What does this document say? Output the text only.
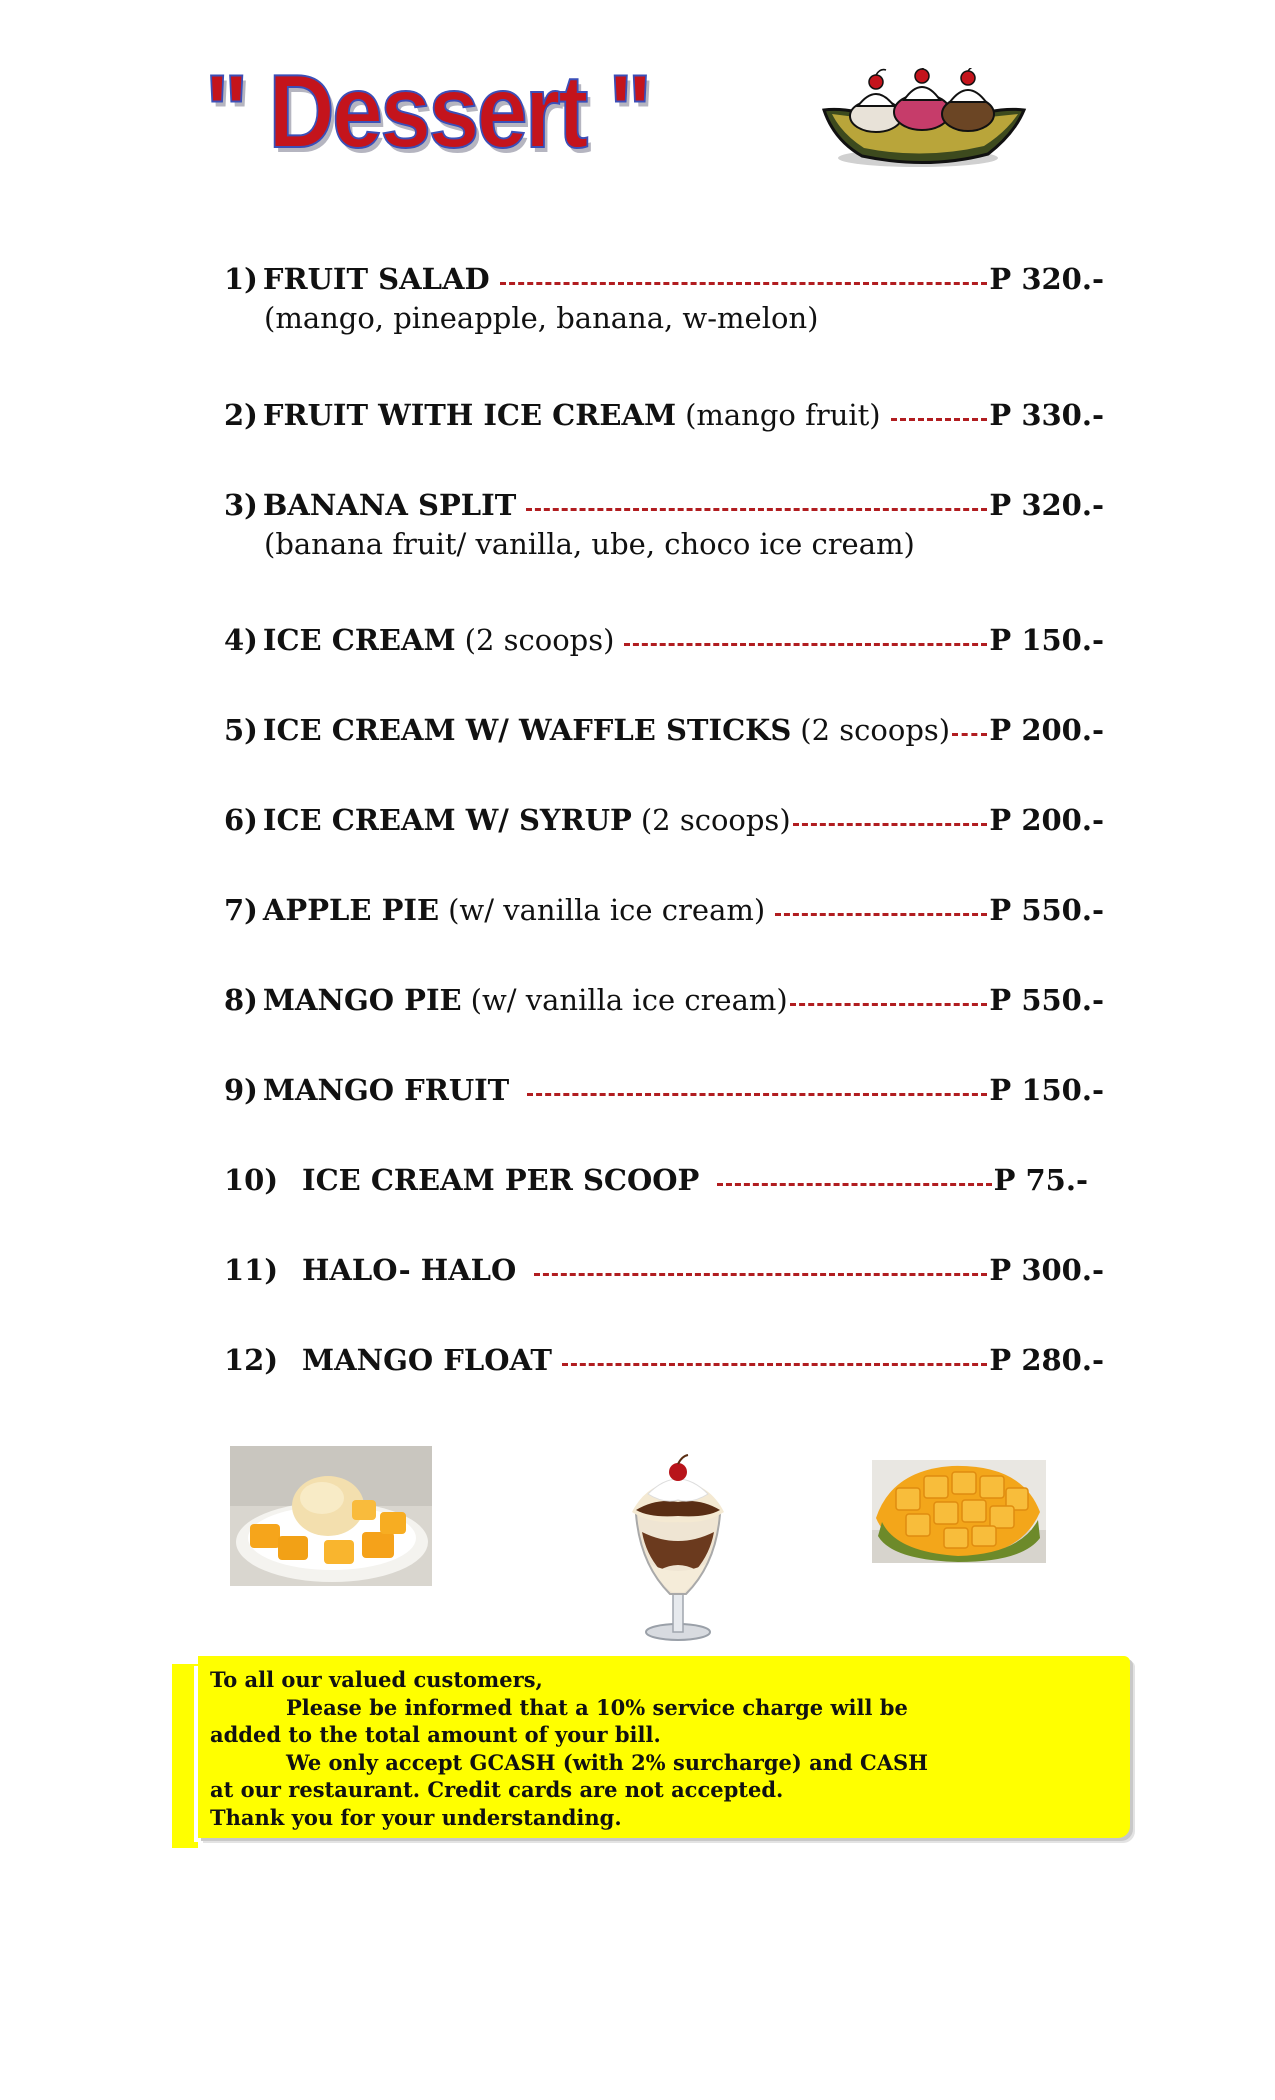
" Dessert "
1) FRUIT SALAD	P 320.-
(mango, pineapple, banana, w-melon)
2) FRUIT WITH ICE CREAM (mango fruit)	P 330.-
3) BANANA SPLIT	P 320.-
(banana fruit/ vanilla, ube, choco ice cream)
4) ICE CREAM (2 scoops)	P 150.-
5) ICE CREAM W/ WAFFLE STICKS (2 scoops) P 200.-
6) ICE CREAM W/ SYRUP (2 scoops)	P 200.-
7) APPLE PIE (w/ vanilla ice cream)	P 550.-
8) MANGO PIE (w/ vanilla ice cream)	P 550.-
9) MANGO FRUIT	P 150.-
10) ICE CREAM PER SCOOP	P 75.-
11) HALO- HALO	P 300.-
12) MANGO FLOAT	P 280.-

To all our valued customers,

Please be informed that a 10% service charge will be

added to the total amount of your bill.

We only accept GCASH (with 2% surcharge) and CASH

at our restaurant. Credit cards are not accepted.

Thank you for your understanding.
